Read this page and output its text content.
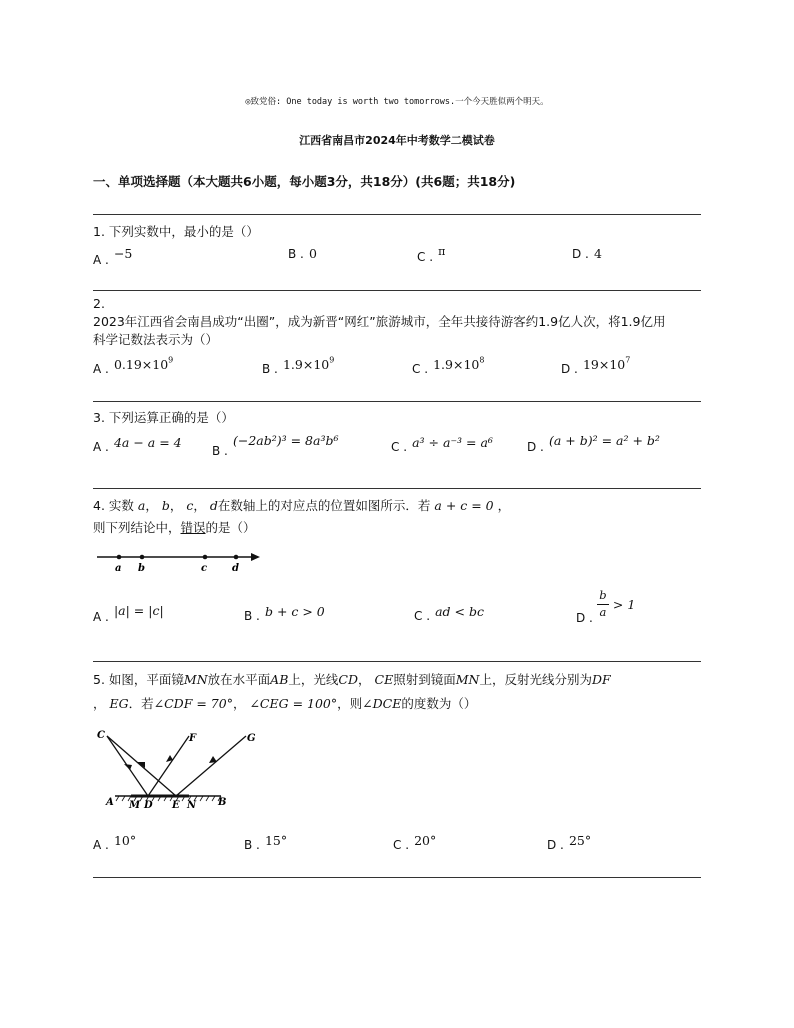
◎致党俗: One today is worth two tomorrows.一个今天胜似两个明天。
江西省南昌市2024年中考数学二模试卷
一、单项选择题（本大题共6小题，每小题3分，共18分）(共6题；共18分)
1. 下列实数中，最小的是（）
$_{A .}$ −5	B . 0	C . π	D . 4
2.
2023年江西省会南昌成功“出圈”，成为新晋“网红”旅游城市，全年共接待游客约1.9亿人次，将1.9亿用
科学记数法表示为（）
$_{A .}$ $0.19\times 10^9$
$_{B .}$ $1.9\times 10^9$
$_{C .}$ $1.9\times 10^8$
$_{D .}$ $19\times 10^7$
3. 下列运算正确的是（）
$_{A .}$ 4a − a = 4
$_{B .}$ (−2ab²)³ = 8a³b⁶	$_{C .}$ a³ ÷ a⁻³ = a⁶	$_{D .}$ (a + b)² = a² + b²
4. 实数 a， b， c， d在数轴上的对应点的位置如图所示．若 a + c = 0 ，
则下列结论中，错误的是（）
a b	c d
$_{A .}$ |a| = |c|	$_{B .}$ b + c > 0	$_{C .}$ ad < bc	D .
b
a > 1
5. 如图，平面镜MN放在水平面AB上，光线CD， CE照射到镜面MN上，反射光线分别为DF
， EG．若∠CDF = 70°， ∠CEG = 100°，则∠DCE的度数为（）
C	F	G
A M D E N B
$_{A .}$ 10°	$_{B .}$ 15°	$_{C .}$ 20°	$_{D .}$ 25°
